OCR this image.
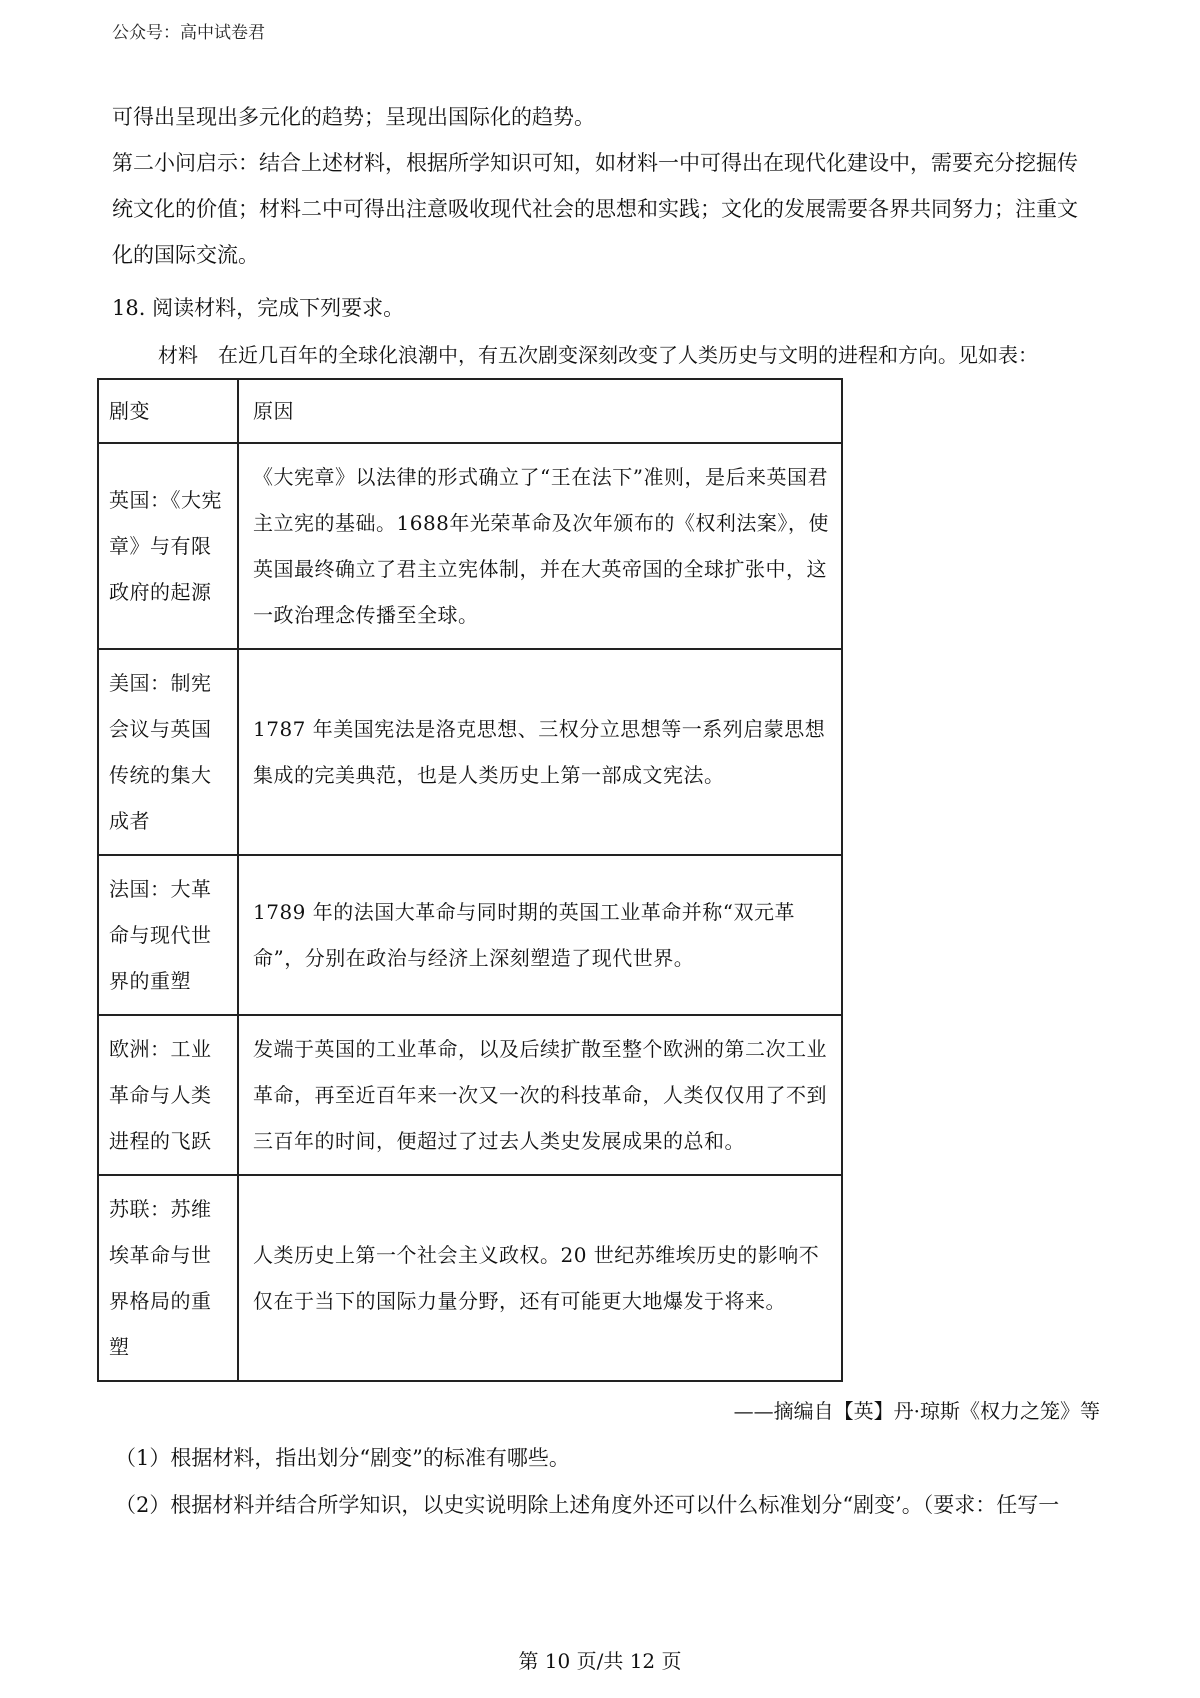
公众号：高中试卷君

可得出呈现出多元化的趋势；呈现出国际化的趋势。

第二小问启示：结合上述材料，根据所学知识可知，如材料一中可得出在现代化建设中，需要充分挖掘传统文化的价值；材料二中可得出注意吸收现代社会的思想和实践；文化的发展需要各界共同努力；注重文化的国际交流。

18. 阅读材料，完成下列要求。

材料　在近几百年的全球化浪潮中，有五次剧变深刻改变了人类历史与文明的进程和方向。见如表：
剧变	原因

英国：《大宪章》与有限政府的起源	《大宪章》以法律的形式确立了“王在法下”准则，是后来英国君主立宪的基础。1688年光荣革命及次年颁布的《权利法案》，使英国最终确立了君主立宪体制，并在大英帝国的全球扩张中，这一政治理念传播至全球。

美国：制宪会议与英国传统的集大成者	1787 年美国宪法是洛克思想、三权分立思想等一系列启蒙思想集成的完美典范，也是人类历史上第一部成文宪法。

法国：大革命与现代世界的重塑	1789 年的法国大革命与同时期的英国工业革命并称“双元革命”，分别在政治与经济上深刻塑造了现代世界。

欧洲：工业革命与人类进程的飞跃	发端于英国的工业革命，以及后续扩散至整个欧洲的第二次工业革命，再至近百年来一次又一次的科技革命，人类仅仅用了不到三百年的时间，便超过了过去人类史发展成果的总和。

苏联：苏维埃革命与世界格局的重塑	人类历史上第一个社会主义政权。20 世纪苏维埃历史的影响不仅在于当下的国际力量分野，还有可能更大地爆发于将来。
——摘编自【英】丹·琼斯《权力之笼》等
（1）根据材料，指出划分“剧变”的标准有哪些。
（2）根据材料并结合所学知识，以史实说明除上述角度外还可以什么标准划分“剧变’。（要求：任写一
第 10 页/共 12 页
